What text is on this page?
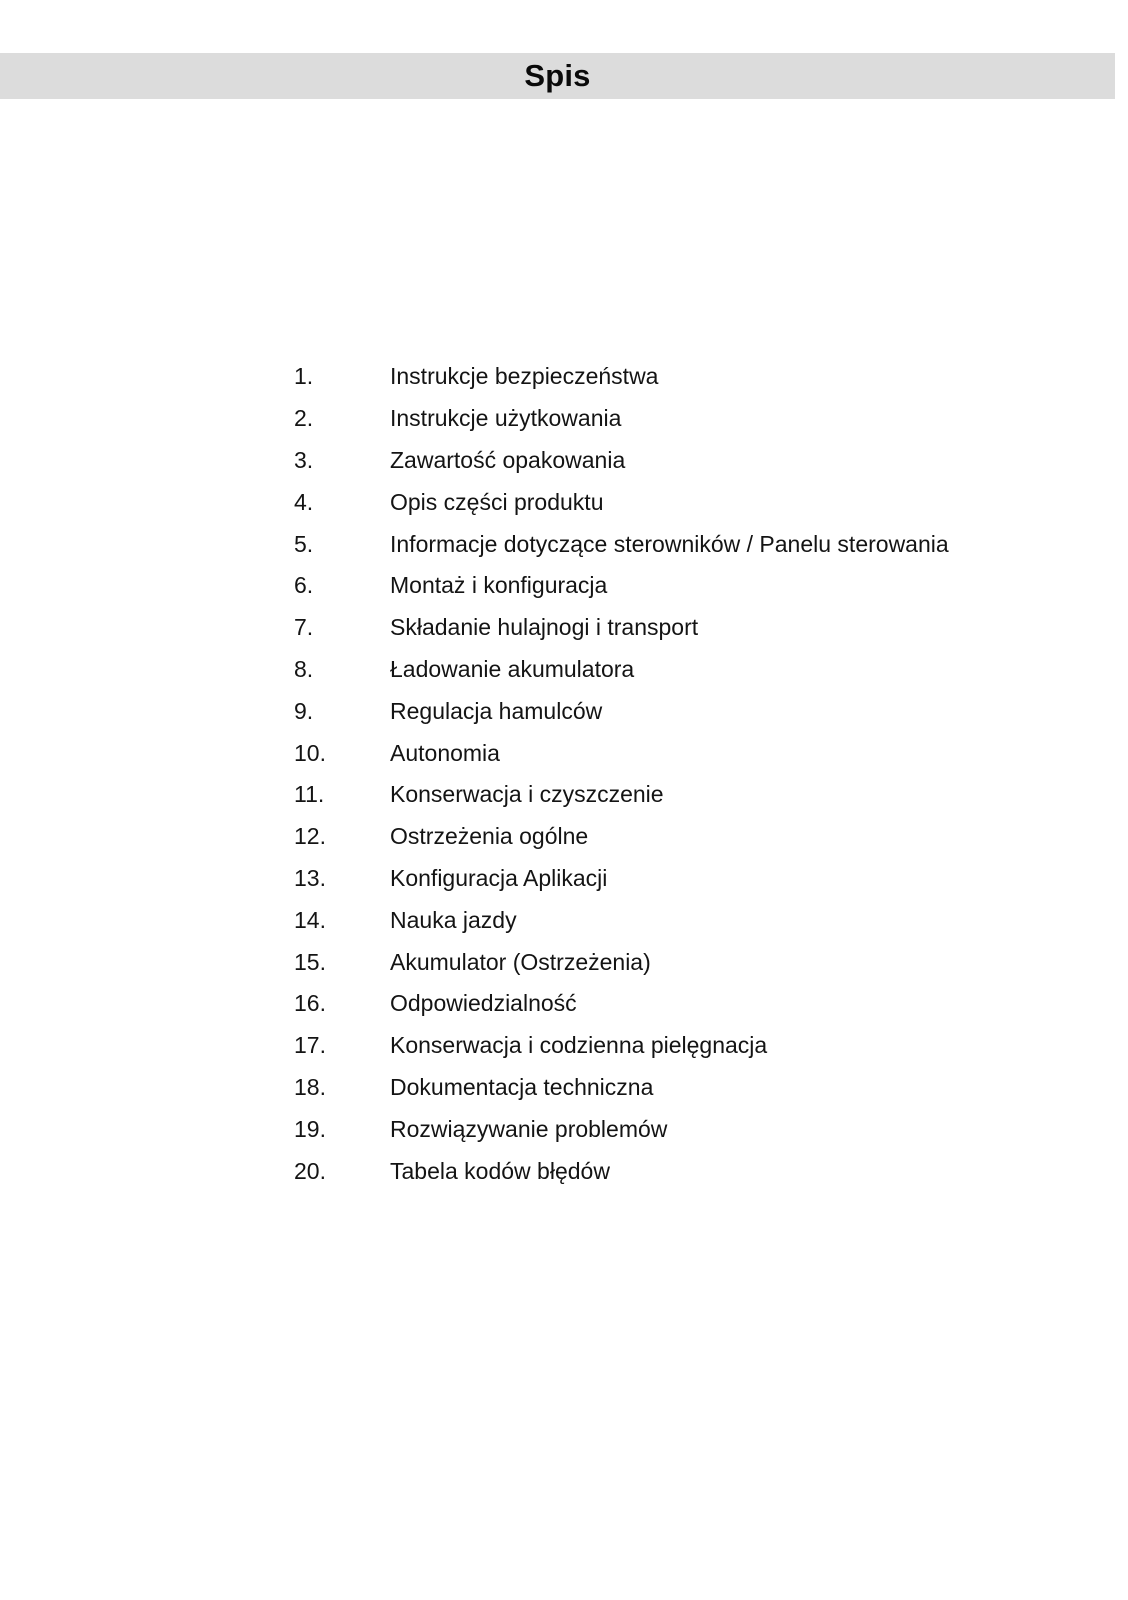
Spis
1.	Instrukcje bezpieczeństwa
2.	Instrukcje użytkowania
3.	Zawartość opakowania
4.	Opis części produktu
5.	Informacje dotyczące sterowników / Panelu sterowania
6.	Montaż i konfiguracja
7.	Składanie hulajnogi i transport
8.	Ładowanie akumulatora
9.	Regulacja hamulców
10.	Autonomia
11.	Konserwacja i czyszczenie
12.	Ostrzeżenia ogólne
13.	Konfiguracja Aplikacji
14.	Nauka jazdy
15.	Akumulator (Ostrzeżenia)
16.	Odpowiedzialność
17.	Konserwacja i codzienna pielęgnacja
18.	Dokumentacja techniczna
19.	Rozwiązywanie problemów
20.	Tabela kodów błędów
